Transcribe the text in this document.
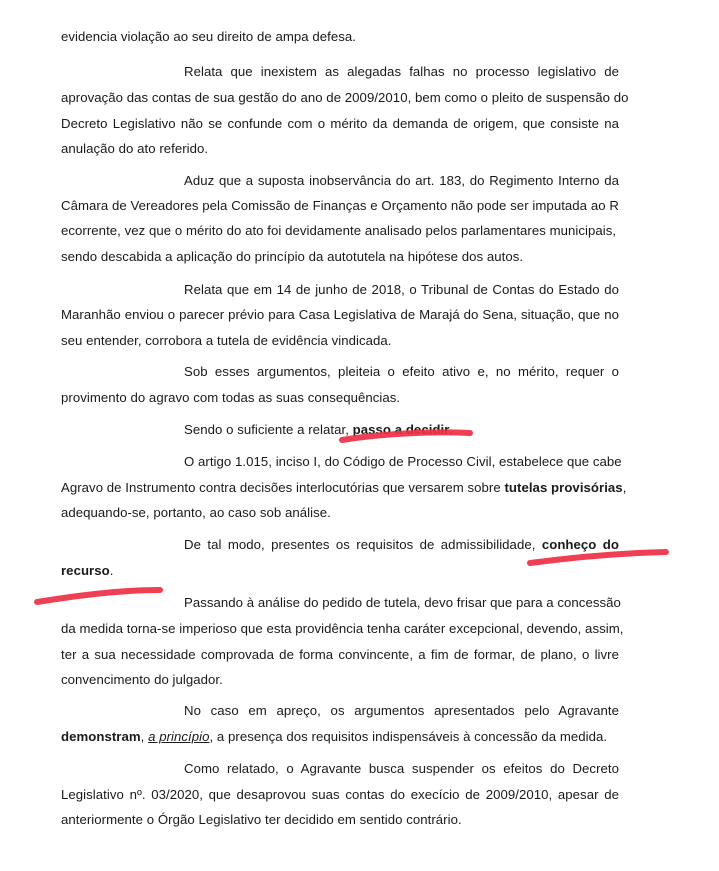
evidencia violação ao seu direito de ampa defesa.
Relata que inexistem as alegadas falhas no processo legislativo de
aprovação das contas de sua gestão do ano de 2009/2010, bem como o pleito de suspensão do
Decreto Legislativo não se confunde com o mérito da demanda de origem, que consiste na
anulação do ato referido.
Aduz que a suposta inobservância do art. 183, do Regimento Interno da
Câmara de Vereadores pela Comissão de Finanças e Orçamento não pode ser imputada ao R
ecorrente, vez que o mérito do ato foi devidamente analisado pelos parlamentares municipais,
sendo descabida a aplicação do princípio da autotutela na hipótese dos autos.
Relata que em 14 de junho de 2018, o Tribunal de Contas do Estado do
Maranhão enviou o parecer prévio para Casa Legislativa de Marajá do Sena, situação, que no
seu entender, corrobora a tutela de evidência vindicada.
Sob esses argumentos, pleiteia o efeito ativo e, no mérito, requer o
provimento do agravo com todas as suas consequências.
Sendo o suficiente a relatar, passo a decidir.
O artigo 1.015, inciso I, do Código de Processo Civil, estabelece que cabe
Agravo de Instrumento contra decisões interlocutórias que versarem sobre tutelas provisórias,
adequando-se, portanto, ao caso sob análise.
De tal modo, presentes os requisitos de admissibilidade, conheço do
recurso.
Passando à análise do pedido de tutela, devo frisar que para a concessão
da medida torna-se imperioso que esta providência tenha caráter excepcional, devendo, assim,
ter a sua necessidade comprovada de forma convincente, a fim de formar, de plano, o livre
convencimento do julgador.
No caso em apreço, os argumentos apresentados pelo Agravante
demonstram, a princípio, a presença dos requisitos indispensáveis à concessão da medida.
Como relatado, o Agravante busca suspender os efeitos do Decreto
Legislativo nº. 03/2020, que desaprovou suas contas do execício de 2009/2010, apesar de
anteriormente o Órgão Legislativo ter decidido em sentido contrário.
